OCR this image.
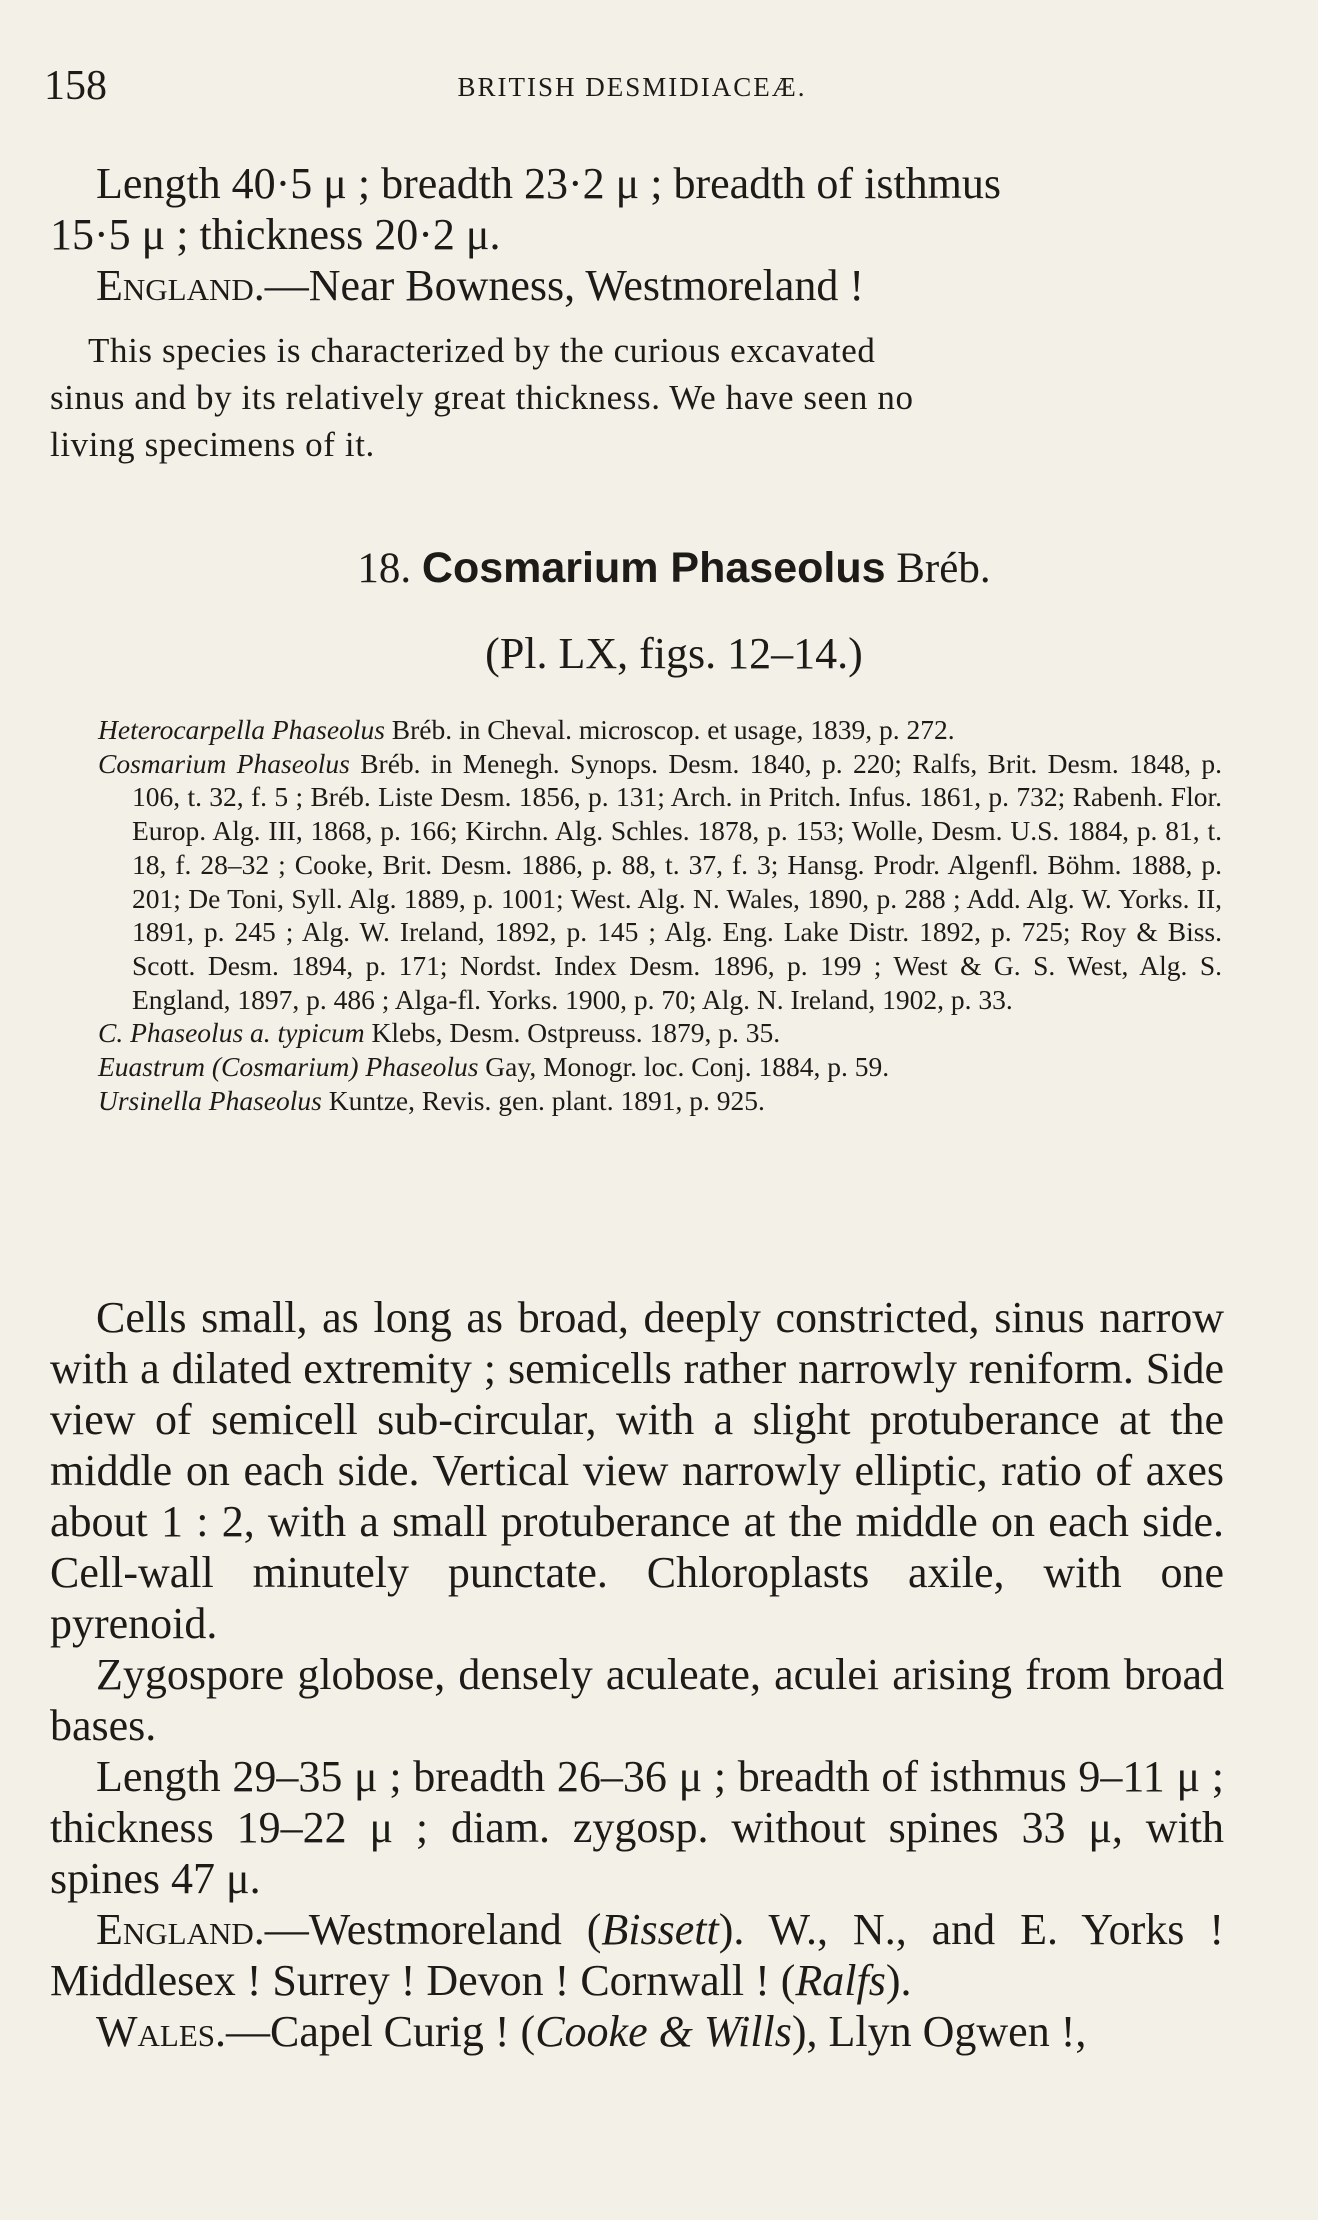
158	BRITISH DESMIDIACEÆ.
Length 40·5 μ ; breadth 23·2 μ ; breadth of isthmus
15·5 μ ; thickness 20·2 μ.
England.—Near Bowness, Westmoreland !
This species is characterized by the curious excavated
sinus and by its relatively great thickness. We have seen no
living specimens of it.
18. Cosmarium Phaseolus Bréb.
(Pl. LX, figs. 12–14.)

Heterocarpella Phaseolus Bréb. in Cheval. microscop. et usage, 1839, p. 272.

Cosmarium Phaseolus Bréb. in Menegh. Synops. Desm. 1840, p. 220; Ralfs, Brit. Desm. 1848, p. 106, t. 32, f. 5 ; Bréb. Liste Desm. 1856, p. 131; Arch. in Pritch. Infus. 1861, p. 732; Rabenh. Flor. Europ. Alg. III, 1868, p. 166; Kirchn. Alg. Schles. 1878, p. 153; Wolle, Desm. U.S. 1884, p. 81, t. 18, f. 28–32 ; Cooke, Brit. Desm. 1886, p. 88, t. 37, f. 3; Hansg. Prodr. Algenfl. Böhm. 1888, p. 201; De Toni, Syll. Alg. 1889, p. 1001; West. Alg. N. Wales, 1890, p. 288 ; Add. Alg. W. Yorks. II, 1891, p. 245 ; Alg. W. Ireland, 1892, p. 145 ; Alg. Eng. Lake Distr. 1892, p. 725; Roy & Biss. Scott. Desm. 1894, p. 171; Nordst. Index Desm. 1896, p. 199 ; West & G. S. West, Alg. S. England, 1897, p. 486 ; Alga-fl. Yorks. 1900, p. 70; Alg. N. Ireland, 1902, p. 33.

C. Phaseolus a. typicum Klebs, Desm. Ostpreuss. 1879, p. 35.

Euastrum (Cosmarium) Phaseolus Gay, Monogr. loc. Conj. 1884, p. 59.

Ursinella Phaseolus Kuntze, Revis. gen. plant. 1891, p. 925.

Cells small, as long as broad, deeply constricted, sinus narrow with a dilated extremity ; semicells rather narrowly reniform. Side view of semicell sub-circular, with a slight protuberance at the middle on each side. Vertical view narrowly elliptic, ratio of axes about 1 : 2, with a small protuberance at the middle on each side. Cell-wall minutely punctate. Chloroplasts axile, with one pyrenoid.

Zygospore globose, densely aculeate, aculei arising from broad bases.

Length 29–35 μ ; breadth 26–36 μ ; breadth of isthmus 9–11 μ ; thickness 19–22 μ ; diam. zygosp. without spines 33 μ, with spines 47 μ.

England.—Westmoreland (Bissett). W., N., and E. Yorks ! Middlesex ! Surrey ! Devon ! Cornwall ! (Ralfs).

Wales.—Capel Curig ! (Cooke & Wills), Llyn Ogwen !,
